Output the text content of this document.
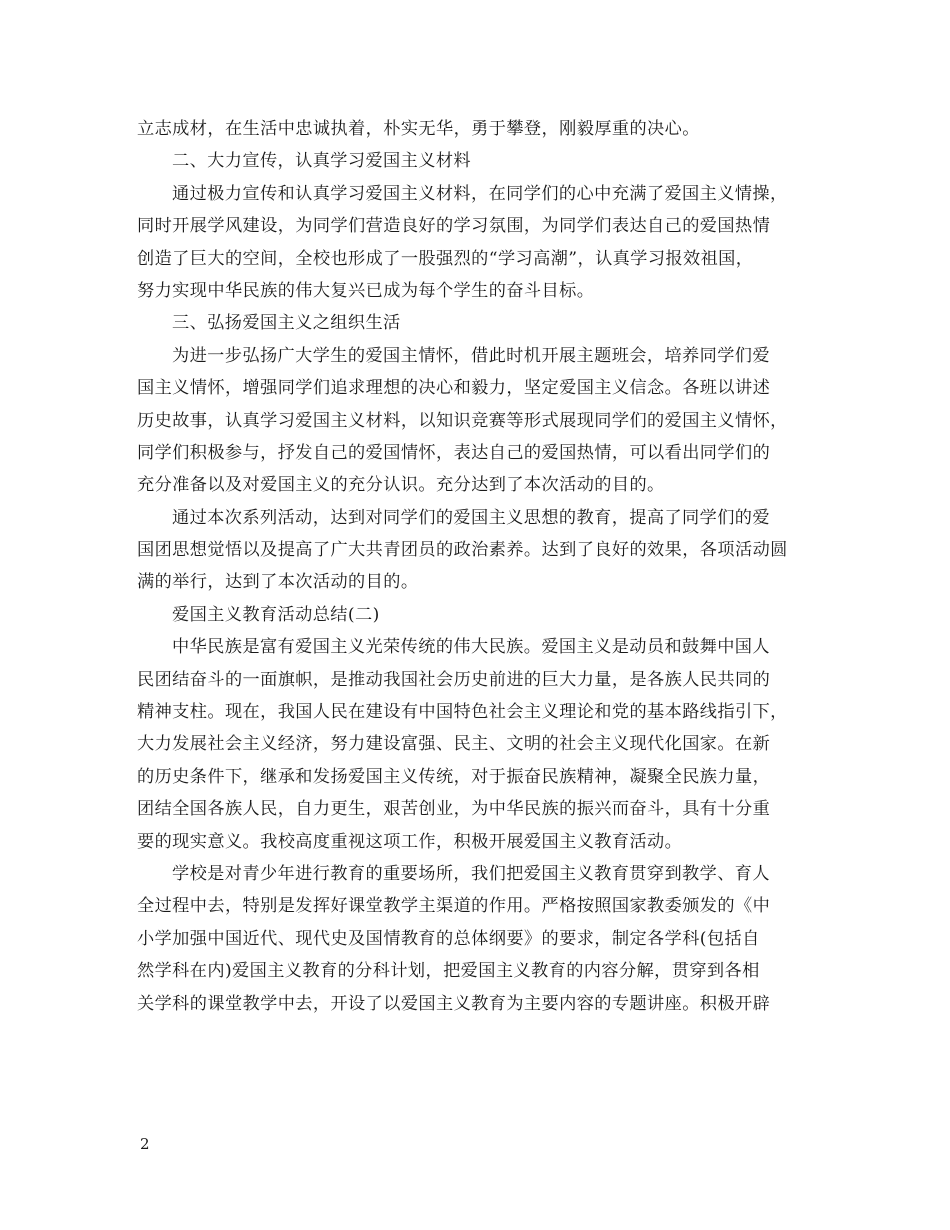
立志成材，在生活中忠诚执着，朴实无华，勇于攀登，刚毅厚重的决心。
二、大力宣传，认真学习爱国主义材料
通过极力宣传和认真学习爱国主义材料，在同学们的心中充满了爱国主义情操，
同时开展学风建设，为同学们营造良好的学习氛围，为同学们表达自己的爱国热情
创造了巨大的空间，全校也形成了一股强烈的“学习高潮”，认真学习报效祖国，
努力实现中华民族的伟大复兴已成为每个学生的奋斗目标。
三、弘扬爱国主义之组织生活
为进一步弘扬广大学生的爱国主情怀，借此时机开展主题班会，培养同学们爱
国主义情怀，增强同学们追求理想的决心和毅力，坚定爱国主义信念。各班以讲述
历史故事，认真学习爱国主义材料，以知识竞赛等形式展现同学们的爱国主义情怀，
同学们积极参与，抒发自己的爱国情怀，表达自己的爱国热情，可以看出同学们的
充分准备以及对爱国主义的充分认识。充分达到了本次活动的目的。
通过本次系列活动，达到对同学们的爱国主义思想的教育，提高了同学们的爱
国团思想觉悟以及提高了广大共青团员的政治素养。达到了良好的效果，各项活动圆
满的举行，达到了本次活动的目的。
爱国主义教育活动总结(二)
中华民族是富有爱国主义光荣传统的伟大民族。爱国主义是动员和鼓舞中国人
民团结奋斗的一面旗帜，是推动我国社会历史前进的巨大力量，是各族人民共同的
精神支柱。现在，我国人民在建设有中国特色社会主义理论和党的基本路线指引下，
大力发展社会主义经济，努力建设富强、民主、文明的社会主义现代化国家。在新
的历史条件下，继承和发扬爱国主义传统，对于振奋民族精神，凝聚全民族力量，
团结全国各族人民，自力更生，艰苦创业，为中华民族的振兴而奋斗，具有十分重
要的现实意义。我校高度重视这项工作，积极开展爱国主义教育活动。
学校是对青少年进行教育的重要场所，我们把爱国主义教育贯穿到教学、育人
全过程中去，特别是发挥好课堂教学主渠道的作用。严格按照国家教委颁发的《中
小学加强中国近代、现代史及国情教育的总体纲要》的要求，制定各学科(包括自
然学科在内)爱国主义教育的分科计划，把爱国主义教育的内容分解，贯穿到各相
关学科的课堂教学中去，开设了以爱国主义教育为主要内容的专题讲座。积极开辟
2
